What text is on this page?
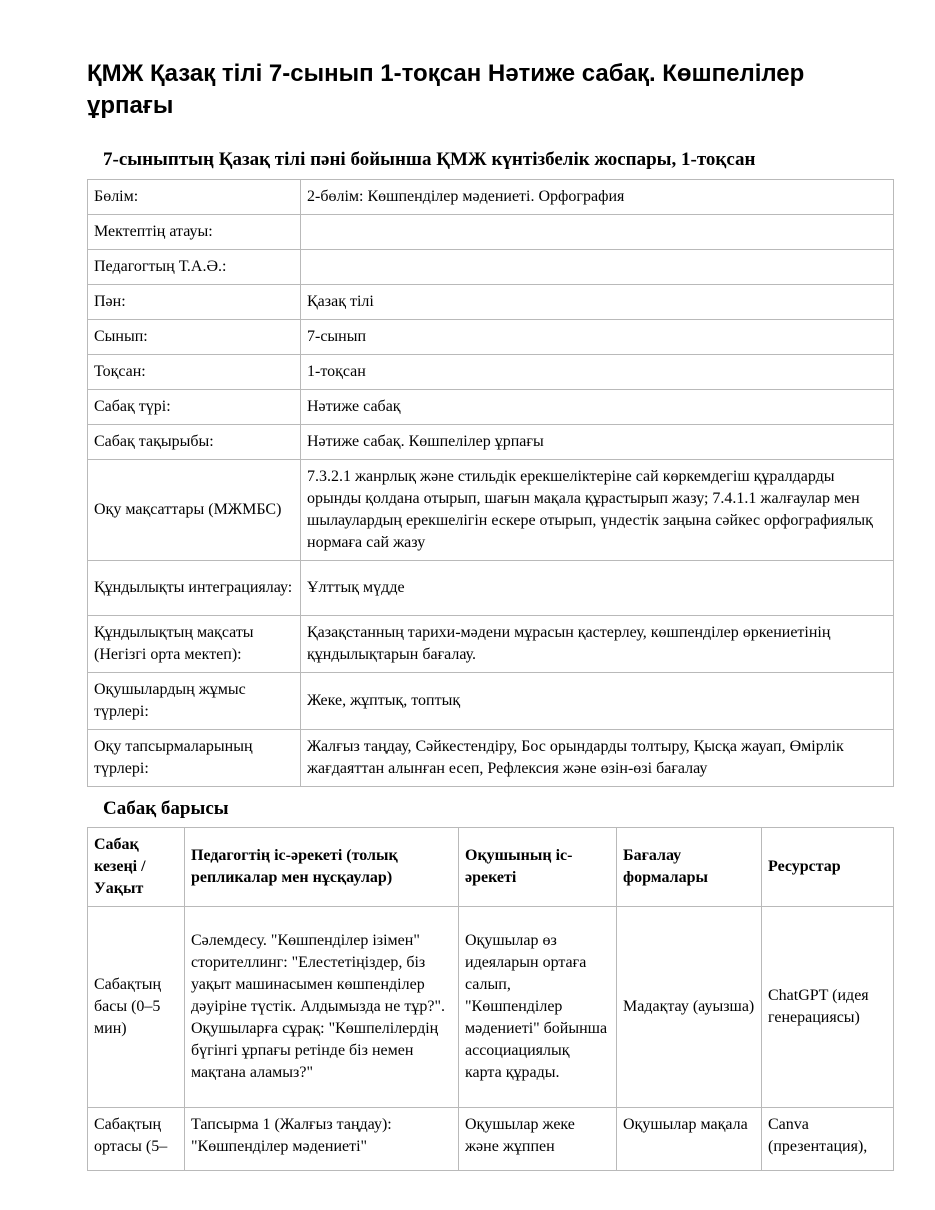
ҚМЖ Қазақ тілі 7-сынып 1-тоқсан Нәтиже сабақ. Көшпелілер ұрпағы
7-сыныптың Қазақ тілі пәні бойынша ҚМЖ күнтізбелік жоспары, 1-тоқсан
Бөлім:	2-бөлім: Көшпенділер мәдениеті. Орфография
Мектептің атауы:	
Педагогтың Т.А.Ә.:	
Пән:	Қазақ тілі
Сынып:	7-сынып
Тоқсан:	1-тоқсан
Сабақ түрі:	Нәтиже сабақ
Сабақ тақырыбы:	Нәтиже сабақ. Көшпелілер ұрпағы
Оқу мақсаттары (МЖМБС)	7.3.2.1 жанрлық және стильдік ерекшеліктеріне сай көркемдегіш құралдарды орынды қолдана отырып, шағын мақала құрастырып жазу; 7.4.1.1 жалғаулар мен шылаулардың ерекшелігін ескере отырып, үндестік заңына сәйкес орфографиялық нормаға сай жазу
Құндылықты интеграциялау:	Ұлттық мүдде
Құндылықтың мақсаты (Негізгі орта мектеп):	Қазақстанның тарихи-мәдени мұрасын қастерлеу, көшпенділер өркениетінің құндылықтарын бағалау.
Оқушылардың жұмыс түрлері:	Жеке, жұптық, топтық
Оқу тапсырмаларының түрлері:	Жалғыз таңдау, Сәйкестендіру, Бос орындарды толтыру, Қысқа жауап, Өмірлік жағдаяттан алынған есеп, Рефлексия және өзін-өзі бағалау
Сабақ барысы
Сабақ кезеңі / Уақыт	Педагогтің іс-әрекеті (толық репликалар мен нұсқаулар)	Оқушының іс-әрекеті	Бағалау формалары	Ресурстар
Сабақтың басы (0–5 мин)	Сәлемдесу. "Көшпенділер ізімен" сторителлинг: "Елестетіңіздер, біз уақыт машинасымен көшпенділер дәуіріне түстік. Алдымызда не тұр?". Оқушыларға сұрақ: "Көшпелілердің бүгінгі ұрпағы ретінде біз немен мақтана аламыз?"	Оқушылар өз идеяларын ортаға салып, "Көшпенділер мәдениеті" бойынша ассоциациялық карта құрады.	Мадақтау (ауызша)	ChatGPT (идея генерациясы)
Сабақтың ортасы (5–	Тапсырма 1 (Жалғыз таңдау): "Көшпенділер мәдениеті"	Оқушылар жеке және жұппен	Оқушылар мақала	Canva (презентация),
